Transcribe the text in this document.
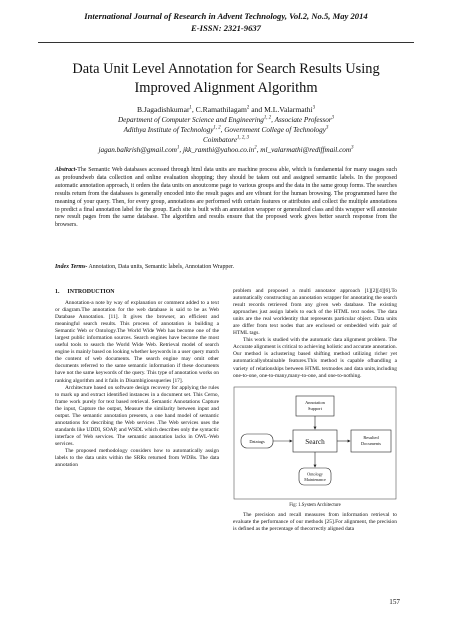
International Journal of Research in Advent Technology, Vol.2, No.5, May 2014
E-ISSN: 2321-9637
Data Unit Level Annotation for Search Results Using
Improved Alignment Algorithm
B.Jagadishkumar$^1$, C.Ramathilagam$^2$ and M.L.Valarmathi$^3$
Department of Computer Science and Engineering$^{1, 2}$, Associate Professor$^3$
Adithya Institute of Technology$^{1, 2}$, Government College of Technology$^3$
Coimbatore$^{1, 2, 3}$
jagan.balkrish@gmail.com$^1$, $jkk\_ramthi@yahoo.co.in^2$, ml_valarmathi@rediffmail.com$^3$
Abstract-The Semantic Web databases accessed through html data units are machine process able, which is fundamental for many usages such as profoundweb data collection and online evaluation shopping; they should be taken out and assigned semantic labels. In the proposed automatic annotation approach, it orders the data units on anoutcome page to various groups and the data in the same group forms. The searches results return from the databases is generally encoded into the result pages and are vibrant for the human browsing. The programmed have the meaning of your query. Then, for every group, annotations are performed with certain features or attributes and collect the multiple annotations to predict a final annotation label for the group. Each site is built with an annotation wrapper or generalized class and this wrapper will annotate new result pages from the same database. The algorithm and results ensure that the proposed work gives better search response from the browsers.
Index Terms- Annotation, Data units, Semantic labels, Annotation Wrapper.
1. INTRODUCTION

Annotation-a note by way of explanation or comment added to a text or diagram.The annotation for the web database is said to be as Web Database Annotation. [11]. It gives the browser, an efficient and meaningful search results. This process of annotation is building a Semantic Web or Ontology.The World Wide Web has become one of the largest public information sources. Search engines have become the most useful tools to search the World Wide Web. Retrieval model of search engine is mainly based on looking whether keywords in a user query match the content of web documents. The search engine may omit other documents referred to the same semantic information if these documents have not the same keywords of the query. This type of annotation works on ranking algorithm and it fails in Disambigiousqueries [17].

Architecture based on software design recovery for applying the rules to mark up and extract identified instances in a document set. This Cerno, frame work purely for text based retrieval. Semantic Annotations Capture the input, Capture the output, Measure the similarity between input and output. The semantic annotation presents, a one hand model of semantic annotations for describing the Web services .The Web services uses the standards like UDDI, SOAP, and WSDL which describes only the syntactic interface of Web services. The semantic annotation lacks in OWL-Web services.

The proposed methodology considers how to automatically assign labels to the data units within the SRRs returned from WDBs. The data annotation

problem and proposed a multi annotator approach [1][2][4][6].To automatically constructing an annotation wrapper for annotating the search result records retrieved from any given web database. The existing approaches just assign labels to each of the HTML text nodes. The data units are the real worldentity that represents particular object. Data units are differ from text nodes that are enclosed or embedded with pair of HTML tags.

This work is studied with the automatic data alignment problem. The Accurate alignment is critical to achieving holistic and accurate annotation. Our method is aclustering based shifting method utilizing richer yet automaticallyobtainable features.This method is capable ofhandling a variety of relationships between HTML textnodes and data units,including one-to-one, one-to-many,many-to-one, and one-to-nothing.

Annotation
Support
Datatags	Search
Resulted
Documents
Ontology
Maintenance
Fig: 1.System Architecture

The precision and recall measures from information retrieval to evaluate the performance of our methods [25].For alignment, the precision is defined as the percentage of thecorrectly aligned data

157
